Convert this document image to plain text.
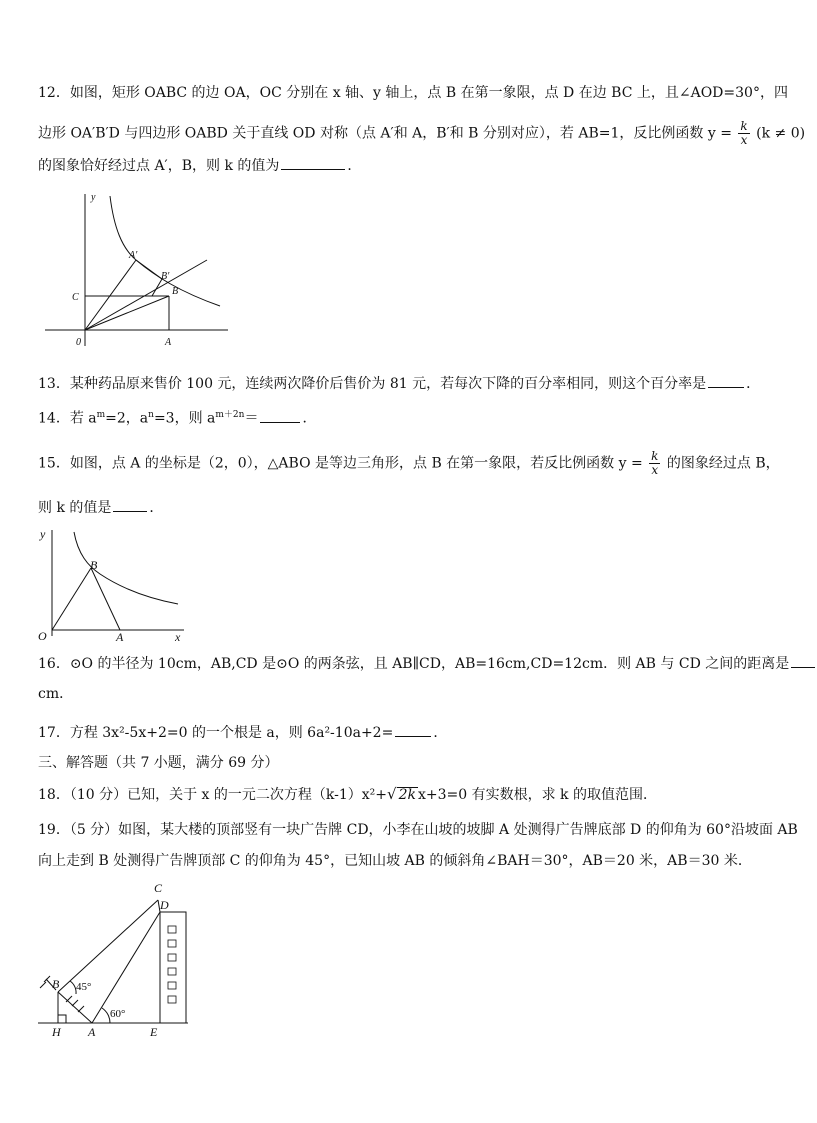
12．如图，矩形 OABC 的边 OA，OC 分别在 x 轴、y 轴上，点 B 在第一象限，点 D 在边 BC 上，且∠AOD=30°，四
边形 OA′B′D 与四边形 OABD 关于直线 OD 对称（点 A′和 A，B′和 B 分别对应），若 AB=1，反比例函数 $y = \frac{k}{x} (k \ne 0)$
的图象恰好经过点 A′，B，则 k 的值为	．
y
A′
B′
C
B
0	A
13．某种药品原来售价 100 元，连续两次降价后售价为 81 元，若每次下降的百分率相同，则这个百分率是	．
14．若 $a^m=2$，$a^n=3$，则 $a^{m+2n}=$	．
15．如图，点 A 的坐标是（2，0），△ABO 是等边三角形，点 B 在第一象限，若反比例函数 $y = \frac{k}{x}$ 的图象经过点 B，
则 k 的值是	．
y
B
O	A	x
16．⊙O 的半径为 10cm，AB,CD 是⊙O 的两条弦，且 AB∥CD，AB=16cm,CD=12cm．则 AB 与 CD 之间的距离是
cm．
17．方程 3x²-5x+2=0 的一个根是 a，则 6a²-10a+2=	．
三、解答题（共 7 小题，满分 69 分）
18．（10 分）已知，关于 x 的一元二次方程（k-1）x²+√ 2k x+3=0 有实数根，求 k 的取值范围．
19．（5 分）如图，某大楼的顶部竖有一块广告牌 CD，小李在山坡的坡脚 A 处测得广告牌底部 D 的仰角为 60°沿坡面 AB
向上走到 B 处测得广告牌顶部 C 的仰角为 45°，已知山坡 AB 的倾斜角∠BAH＝30°，AB＝20 米，AB＝30 米．
C
D
B 45°
60°
H A	E
